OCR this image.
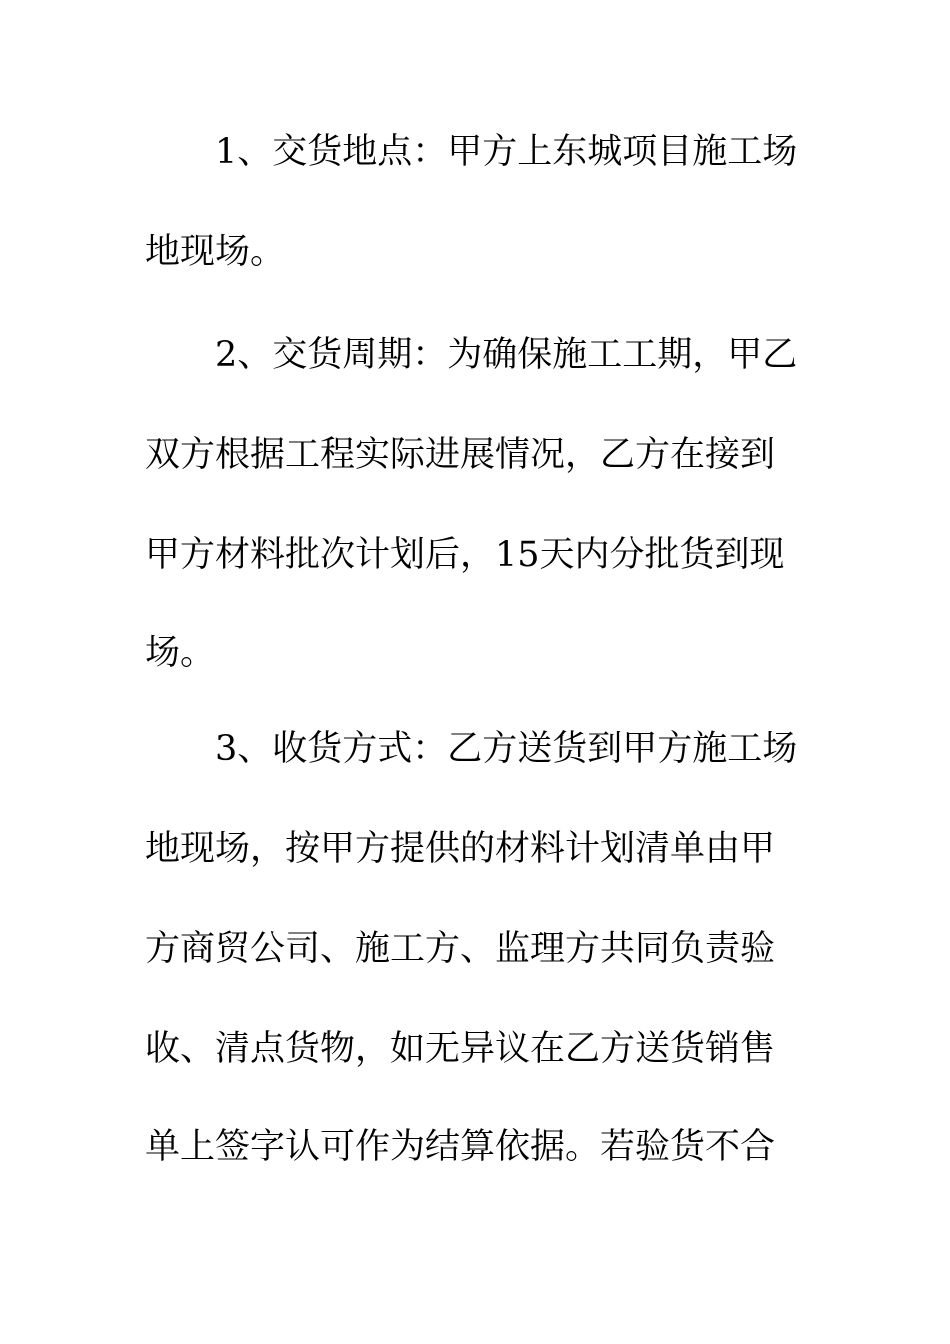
1、交货地点：甲方上东城项目施工场
地现场。
2、交货周期：为确保施工工期，甲乙
双方根据工程实际进展情况，乙方在接到
甲方材料批次计划后，15天内分批货到现
场。
3、收货方式：乙方送货到甲方施工场
地现场，按甲方提供的材料计划清单由甲
方商贸公司、施工方、监理方共同负责验
收、清点货物，如无异议在乙方送货销售
单上签字认可作为结算依据。若验货不合
